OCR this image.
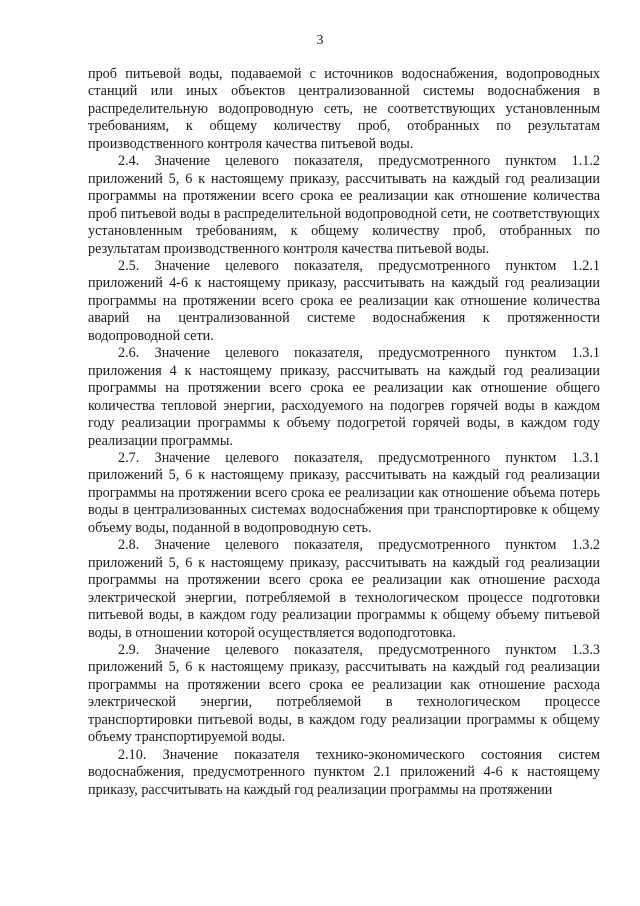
3

проб питьевой воды, подаваемой с источников водоснабжения, водопроводных станций или иных объектов централизованной системы водоснабжения в распределительную водопроводную сеть, не соответствующих установленным требованиям, к общему количеству проб, отобранных по результатам производственного контроля качества питьевой воды.

2.4. Значение целевого показателя, предусмотренного пунктом 1.1.2 приложений 5, 6 к настоящему приказу, рассчитывать на каждый год реализации программы на протяжении всего срока ее реализации как отношение количества проб питьевой воды в распределительной водопроводной сети, не соответствующих установленным требованиям, к общему количеству проб, отобранных по результатам производственного контроля качества питьевой воды.

2.5. Значение целевого показателя, предусмотренного пунктом 1.2.1 приложений 4-6 к настоящему приказу, рассчитывать на каждый год реализации программы на протяжении всего срока ее реализации как отношение количества аварий на централизованной системе водоснабжения к протяженности водопроводной сети.

2.6. Значение целевого показателя, предусмотренного пунктом 1.3.1 приложения 4 к настоящему приказу, рассчитывать на каждый год реализации программы на протяжении всего срока ее реализации как отношение общего количества тепловой энергии, расходуемого на подогрев горячей воды в каждом году реализации программы к объему подогретой горячей воды, в каждом году реализации программы.

2.7. Значение целевого показателя, предусмотренного пунктом 1.3.1 приложений 5, 6 к настоящему приказу, рассчитывать на каждый год реализации программы на протяжении всего срока ее реализации как отношение объема потерь воды в централизованных системах водоснабжения при транспортировке к общему объему воды, поданной в водопроводную сеть.

2.8. Значение целевого показателя, предусмотренного пунктом 1.3.2 приложений 5, 6 к настоящему приказу, рассчитывать на каждый год реализации программы на протяжении всего срока ее реализации как отношение расхода электрической энергии, потребляемой в технологическом процессе подготовки питьевой воды, в каждом году реализации программы к общему объему питьевой воды, в отношении которой осуществляется водоподготовка.

2.9. Значение целевого показателя, предусмотренного пунктом 1.3.3 приложений 5, 6 к настоящему приказу, рассчитывать на каждый год реализации программы на протяжении всего срока ее реализации как отношение расхода электрической энергии, потребляемой в технологическом процессе транспортировки питьевой воды, в каждом году реализации программы к общему объему транспортируемой воды.

2.10. Значение показателя технико-экономического состояния систем водоснабжения, предусмотренного пунктом 2.1 приложений 4-6 к настоящему приказу, рассчитывать на каждый год реализации программы на протяжении
